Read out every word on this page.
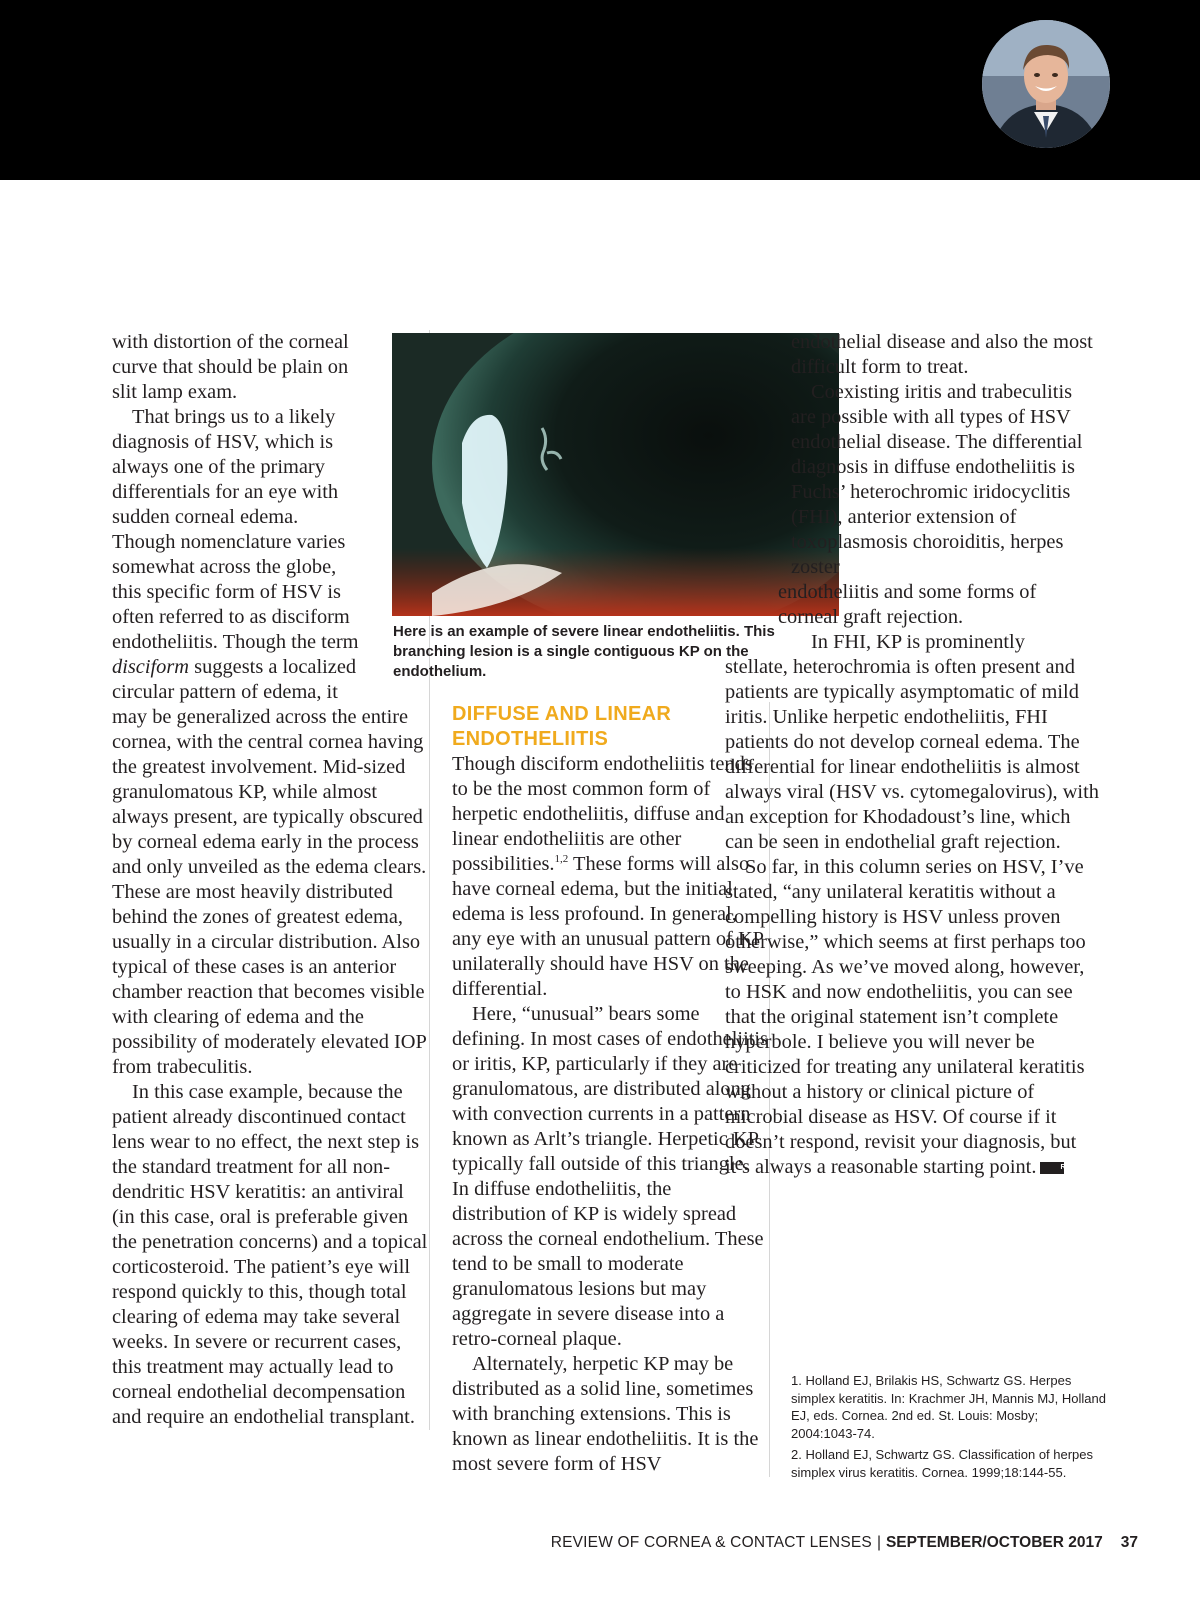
with distortion of the corneal curve that should be plain on slit lamp exam.

That brings us to a likely diagnosis of HSV, which is always one of the primary differentials for an eye with sudden corneal edema. Though nomenclature varies somewhat across the globe, this specific form of HSV is often referred to as disciform endotheliitis. Though the term disciform suggests a localized circular pattern of edema, it

may be generalized across the entire cornea, with the central cornea having the greatest involvement. Mid-sized granulomatous KP, while almost always present, are typically obscured by corneal edema early in the process and only unveiled as the edema clears. These are most heavily distributed behind the zones of greatest edema, usually in a circular distribution. Also typical of these cases is an anterior chamber reaction that becomes visible with clearing of edema and the possibility of moderately elevated IOP from trabeculitis.

In this case example, because the patient already discontinued contact lens wear to no effect, the next step is the standard treatment for all non-dendritic HSV keratitis: an antiviral (in this case, oral is preferable given the penetration concerns) and a topical corticosteroid. The patient’s eye will respond quickly to this, though total clearing of edema may take several weeks. In severe or recurrent cases, this treatment may actually lead to corneal endothelial decompensation and require an endothelial transplant.

Here is an example of severe linear endotheliitis. This branching lesion is a single contiguous KP on the endothelium.
DIFFUSE AND LINEAR ENDOTHELIITIS

Though disciform endotheliitis tends to be the most common form of herpetic endotheliitis, diffuse and linear endotheliitis are other possibilities.$^{1,2}$ These forms will also have corneal edema, but the initial edema is less profound. In general, any eye with an unusual pattern of KP unilaterally should have HSV on the differential.

Here, “unusual” bears some defining. In most cases of endotheliitis or iritis, KP, particularly if they are granulomatous, are distributed along with convection currents in a pattern known as Arlt’s triangle. Herpetic KP typically fall outside of this triangle. In diffuse endotheliitis, the distribution of KP is widely spread across the corneal endothelium. These tend to be small to moderate granulomatous lesions but may aggregate in severe disease into a retro-corneal plaque.

Alternately, herpetic KP may be distributed as a solid line, sometimes with branching extensions. This is known as linear endotheliitis. It is the most severe form of HSV

endothelial disease and also the most difficult form to treat.

Coexisting iritis and trabeculitis are possible with all types of HSV endothelial disease. The differential diagnosis in diffuse endotheliitis is Fuchs’ heterochromic iridocyclitis (FHI), anterior extension of toxoplasmosis choroiditis, herpes zoster

endotheliitis and some forms of corneal graft rejection.

In FHI, KP is prominently

stellate, heterochromia is often present and patients are typically asymptomatic of mild iritis. Unlike herpetic endotheliitis, FHI patients do not develop corneal edema. The differential for linear endotheliitis is almost always viral (HSV vs. cytomegalovirus), with an exception for Khodadoust’s line, which can be seen in endothelial graft rejection.

So far, in this column series on HSV, I’ve stated, “any unilateral keratitis without a compelling history is HSV unless proven otherwise,” which seems at first perhaps too sweeping. As we’ve moved along, however, to HSK and now endotheliitis, you can see that the original statement isn’t complete hyperbole. I believe you will never be criticized for treating any unilateral keratitis without a history or clinical picture of microbial disease as HSV. Of course if it doesn’t respond, revisit your diagnosis, but it’s always a reasonable starting point.	RCCL

1. Holland EJ, Brilakis HS, Schwartz GS. Herpes simplex keratitis. In: Krachmer JH, Mannis MJ, Holland EJ, eds. Cornea. 2nd ed. St. Louis: Mosby; 2004:1043-74.

2. Holland EJ, Schwartz GS. Classification of herpes simplex virus keratitis. Cornea. 1999;18:144-55.

REVIEW OF CORNEA & CONTACT LENSES | SEPTEMBER/OCTOBER 2017 37
